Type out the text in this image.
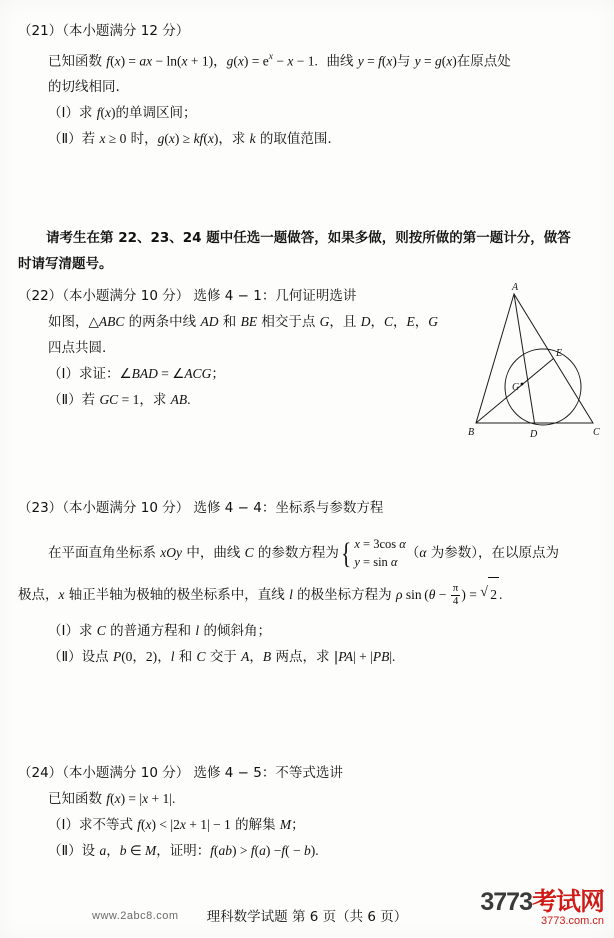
（21）（本小题满分 12 分）
已知函数 f(x) = ax − ln(x + 1)，$g(x) = e^x - x - 1$.  曲线 y = f(x)与 y = g(x)在原点处
的切线相同.
（Ⅰ）求 f(x)的单调区间；
（Ⅱ）若 x ≥ 0 时，g(x) ≥ kf(x)，求 k 的取值范围.
请考生在第 22、23、24 题中任选一题做答，如果多做，则按所做的第一题计分，做答
时请写清题号。
（22）（本小题满分 10 分） 选修 4 − 1：几何证明选讲
如图，△ABC 的两条中线 AD 和 BE 相交于点 G，且 D，C，E，G
四点共圆.
（Ⅰ）求证：∠BAD = ∠ACG；
（Ⅱ）若 GC = 1，求 AB.
A
E
G
B	D	C
（23）（本小题满分 10 分） 选修 4 − 4：坐标系与参数方程
在平面直角坐标系 xOy 中，曲线 C 的参数方程为 { x = 3cos α
y = sin α
（α 为参数），在以原点为
极点，x 轴正半轴为极轴的极坐标系中，直线 l 的极坐标方程为 ρ $\sin (\theta - \frac{\pi}{4}$ ) = √ 2 .
（Ⅰ）求 C 的普通方程和 l 的倾斜角；
（Ⅱ）设点 P(0，2)，l 和 C 交于 A，B 两点，求 |PA| + |PB|.
（24）（本小题满分 10 分） 选修 4 − 5：不等式选讲
已知函数 f(x) = |x + 1|.
（Ⅰ）求不等式 f(x) < |2x + 1| − 1 的解集 M；
（Ⅱ）设 a，b ∈ M，证明：f(ab) > f(a) −f( − b).
理科数学试题 第 6 页（共 6 页）
www.2abc8.com	3773考试网
3773.com.cn
